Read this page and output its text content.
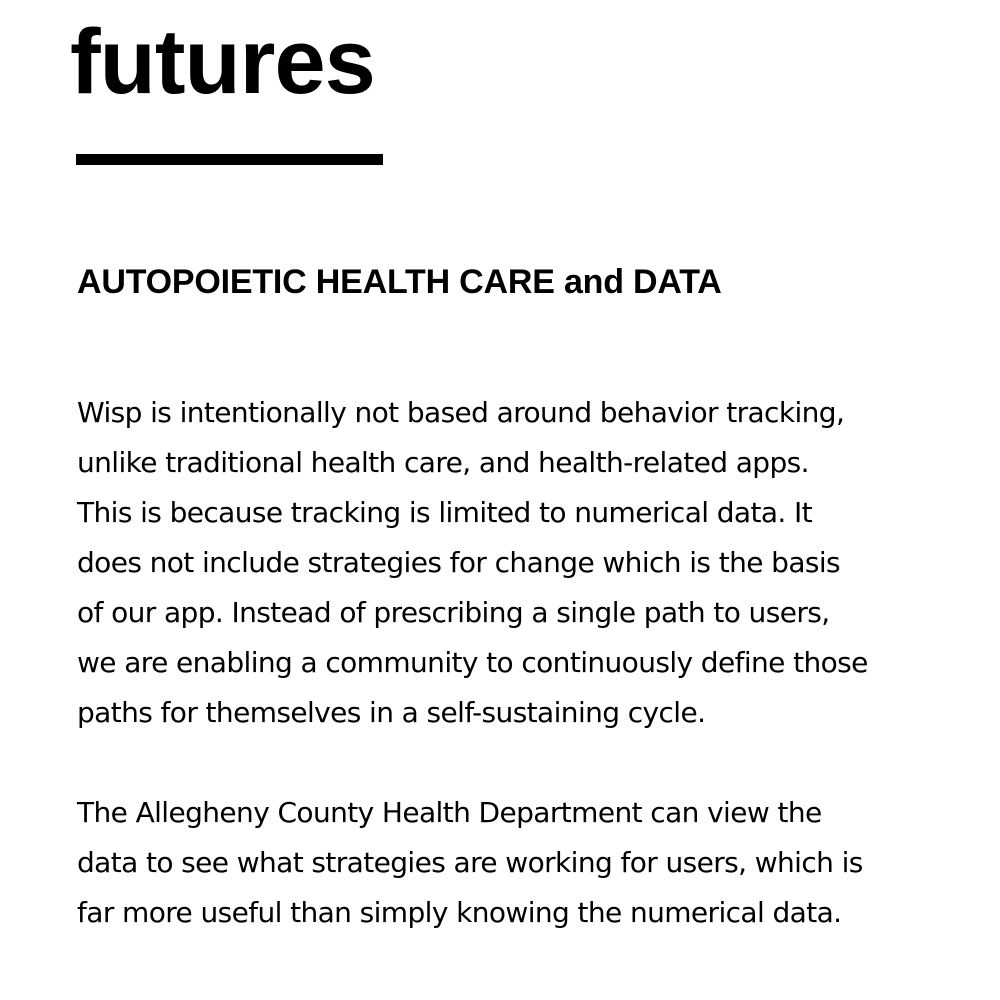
futures
AUTOPOIETIC HEALTH CARE and DATA

Wisp is intentionally not based around behavior tracking,
unlike traditional health care, and health-related apps.
This is because tracking is limited to numerical data. It
does not include strategies for change which is the basis
of our app. Instead of prescribing a single path to users,
we are enabling a community to continuously define those
paths for themselves in a self-sustaining cycle.

The Allegheny County Health Department can view the
data to see what strategies are working for users, which is
far more useful than simply knowing the numerical data.
